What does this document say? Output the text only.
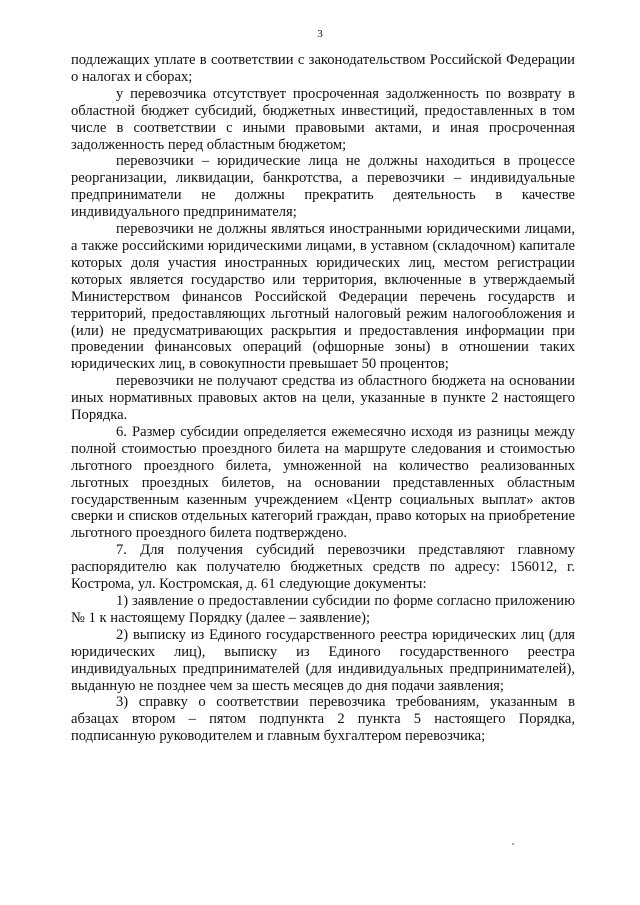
3

подлежащих уплате в соответствии с законодательством Российской Федерации о налогах и сборах;

у перевозчика отсутствует просроченная задолженность по возврату в областной бюджет субсидий, бюджетных инвестиций, предоставленных в том числе в соответствии с иными правовыми актами, и иная просроченная задолженность перед областным бюджетом;

перевозчики – юридические лица не должны находиться в процессе реорганизации, ликвидации, банкротства, а перевозчики – индивидуальные предприниматели не должны прекратить деятельность в качестве индивидуального предпринимателя;

перевозчики не должны являться иностранными юридическими лицами, а также российскими юридическими лицами, в уставном (складочном) капитале которых доля участия иностранных юридических лиц, местом регистрации которых является государство или территория, включенные в утверждаемый Министерством финансов Российской Федерации перечень государств и территорий, предоставляющих льготный налоговый режим налогообложения и (или) не предусматривающих раскрытия и предоставления информации при проведении финансовых операций (офшорные зоны) в отношении таких юридических лиц, в совокупности превышает 50 процентов;

перевозчики не получают средства из областного бюджета на основании иных нормативных правовых актов на цели, указанные в пункте 2 настоящего Порядка.

6. Размер субсидии определяется ежемесячно исходя из разницы между полной стоимостью проездного билета на маршруте следования и стоимостью льготного проездного билета, умноженной на количество реализованных льготных проездных билетов, на основании представленных областным государственным казенным учреждением «Центр социальных выплат» актов сверки и списков отдельных категорий граждан, право которых на приобретение льготного проездного билета подтверждено.

7. Для получения субсидий перевозчики представляют главному распорядителю как получателю бюджетных средств по адресу: 156012, г. Кострома, ул. Костромская, д. 61 следующие документы:

1) заявление о предоставлении субсидии по форме согласно приложению № 1 к настоящему Порядку (далее – заявление);

2) выписку из Единого государственного реестра юридических лиц (для юридических лиц), выписку из Единого государственного реестра индивидуальных предпринимателей (для индивидуальных предпринимателей), выданную не позднее чем за шесть месяцев до дня подачи заявления;

3) справку о соответствии перевозчика требованиям, указанным в абзацах втором – пятом подпункта 2 пункта 5 настоящего Порядка, подписанную руководителем и главным бухгалтером перевозчика;
